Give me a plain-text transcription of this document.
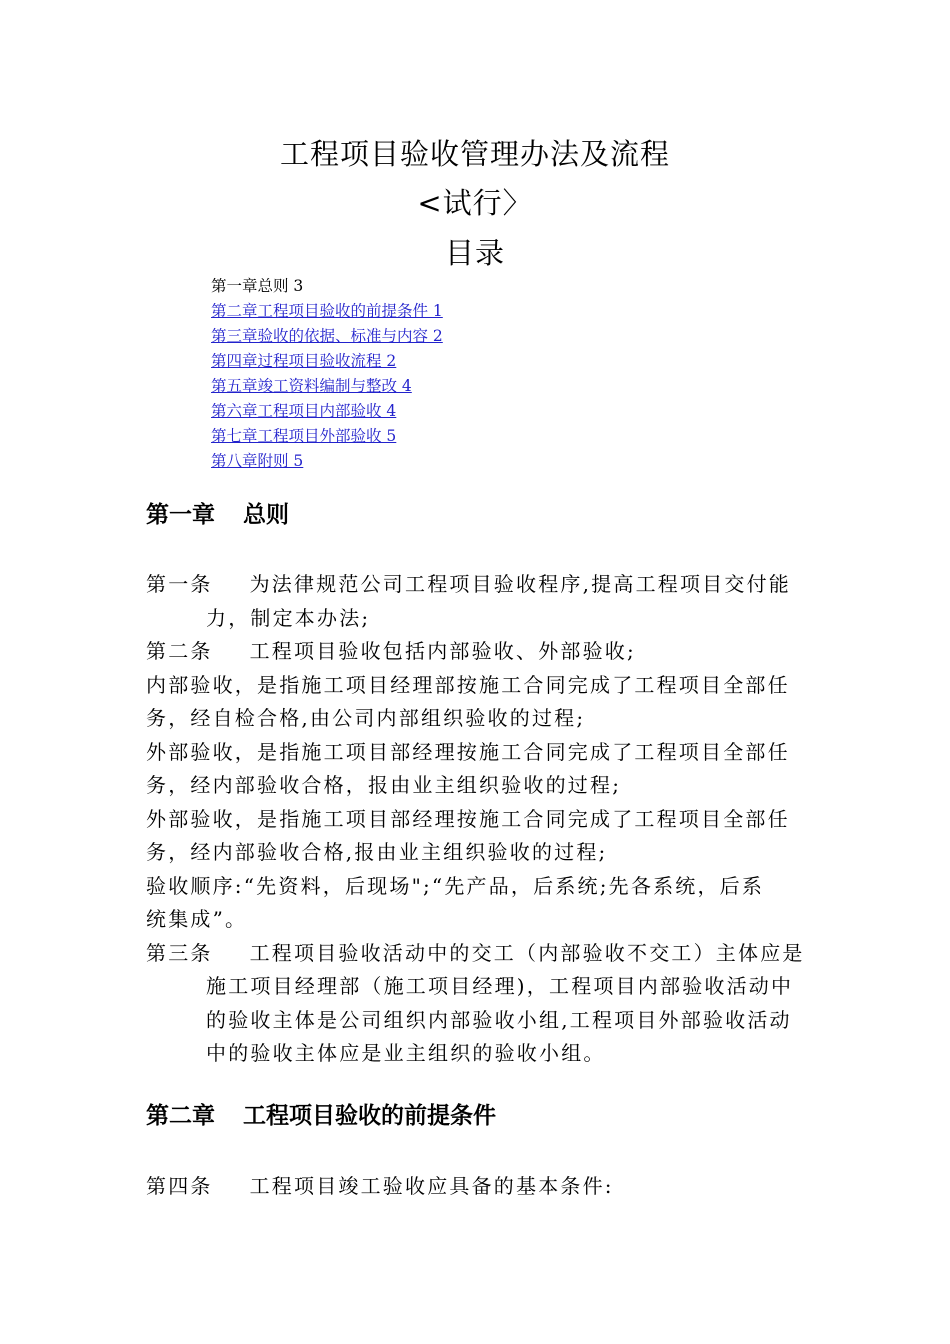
工程项目验收管理办法及流程
<试行〉
目录
第一章总则 3
第二章工程项目验收的前提条件 1
第三章验收的依据、标准与内容 2
第四章过程项目验收流程 2
第五章竣工资料编制与整改 4
第六章工程项目内部验收 4
第七章工程项目外部验收 5
第八章附则 5
第一章 总则
第一条 为法律规范公司工程项目验收程序,提高工程项目交付能
力，制定本办法;
第二条 工程项目验收包括内部验收、外部验收;
内部验收，是指施工项目经理部按施工合同完成了工程项目全部任
务，经自检合格,由公司内部组织验收的过程;
外部验收，是指施工项目部经理按施工合同完成了工程项目全部任
务，经内部验收合格，报由业主组织验收的过程;
外部验收，是指施工项目部经理按施工合同完成了工程项目全部任
务，经内部验收合格,报由业主组织验收的过程;
验收顺序:“先资料，后现场";“先产品，后系统;先各系统，后系
统集成”。
第三条 工程项目验收活动中的交工（内部验收不交工）主体应是
施工项目经理部（施工项目经理)，工程项目内部验收活动中
的验收主体是公司组织内部验收小组,工程项目外部验收活动
中的验收主体应是业主组织的验收小组。
第二章 工程项目验收的前提条件
第四条 工程项目竣工验收应具备的基本条件:
